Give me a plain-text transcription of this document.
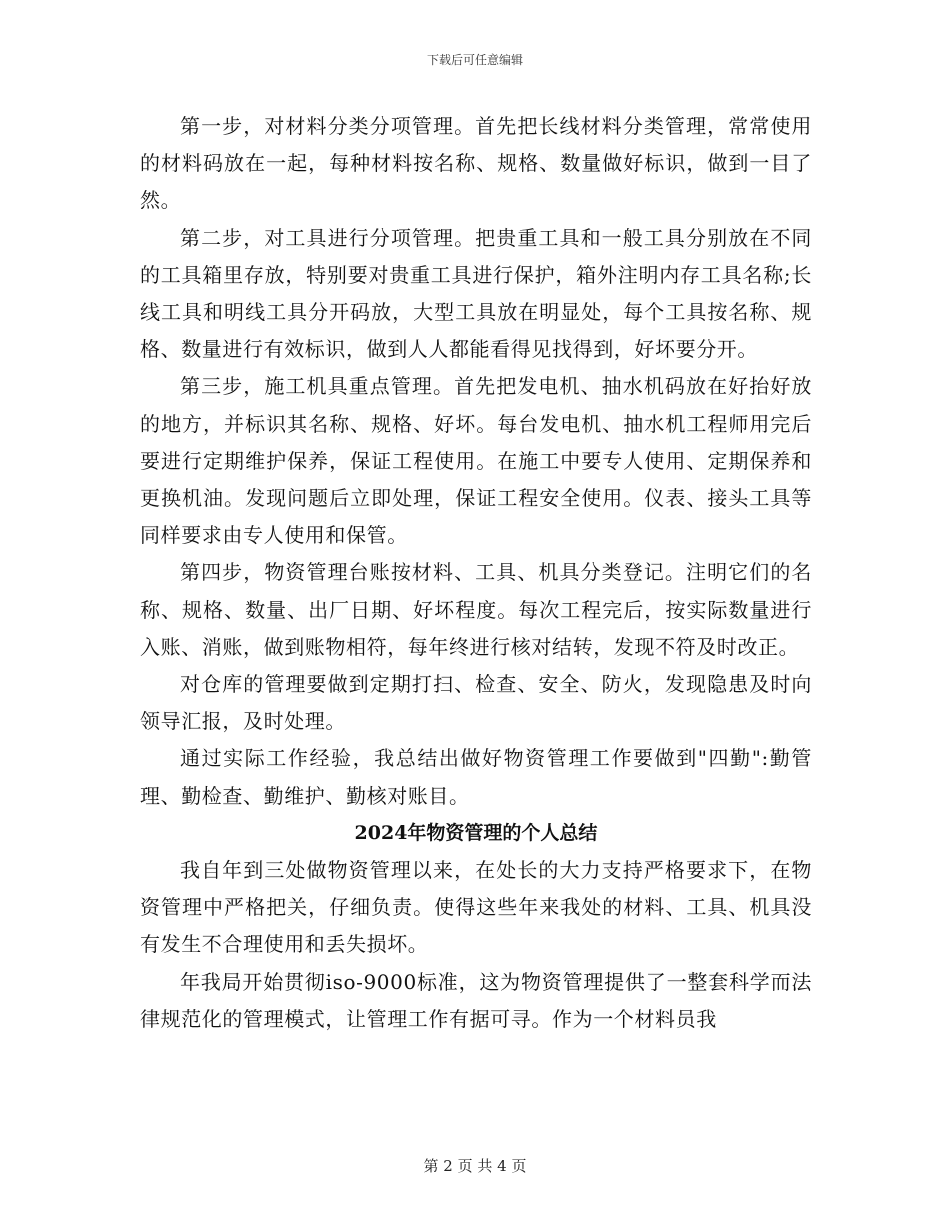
下载后可任意编辑

第一步，对材料分类分项管理。首先把长线材料分类管理，常常使用的材料码放在一起，每种材料按名称、规格、数量做好标识，做到一目了然。

第二步，对工具进行分项管理。把贵重工具和一般工具分别放在不同的工具箱里存放，特别要对贵重工具进行保护，箱外注明内存工具名称;长线工具和明线工具分开码放，大型工具放在明显处，每个工具按名称、规格、数量进行有效标识，做到人人都能看得见找得到，好坏要分开。

第三步，施工机具重点管理。首先把发电机、抽水机码放在好抬好放的地方，并标识其名称、规格、好坏。每台发电机、抽水机工程师用完后要进行定期维护保养，保证工程使用。在施工中要专人使用、定期保养和更换机油。发现问题后立即处理，保证工程安全使用。仪表、接头工具等同样要求由专人使用和保管。

第四步，物资管理台账按材料、工具、机具分类登记。注明它们的名称、规格、数量、出厂日期、好坏程度。每次工程完后，按实际数量进行入账、消账，做到账物相符，每年终进行核对结转，发现不符及时改正。

对仓库的管理要做到定期打扫、检查、安全、防火，发现隐患及时向领导汇报，及时处理。

通过实际工作经验，我总结出做好物资管理工作要做到"四勤":勤管理、勤检查、勤维护、勤核对账目。

2024年物资管理的个人总结

我自年到三处做物资管理以来，在处长的大力支持严格要求下，在物资管理中严格把关，仔细负责。使得这些年来我处的材料、工具、机具没有发生不合理使用和丢失损坏。

年我局开始贯彻iso-9000标准，这为物资管理提供了一整套科学而法律规范化的管理模式，让管理工作有据可寻。作为一个材料员我

第 2 页 共 4 页
